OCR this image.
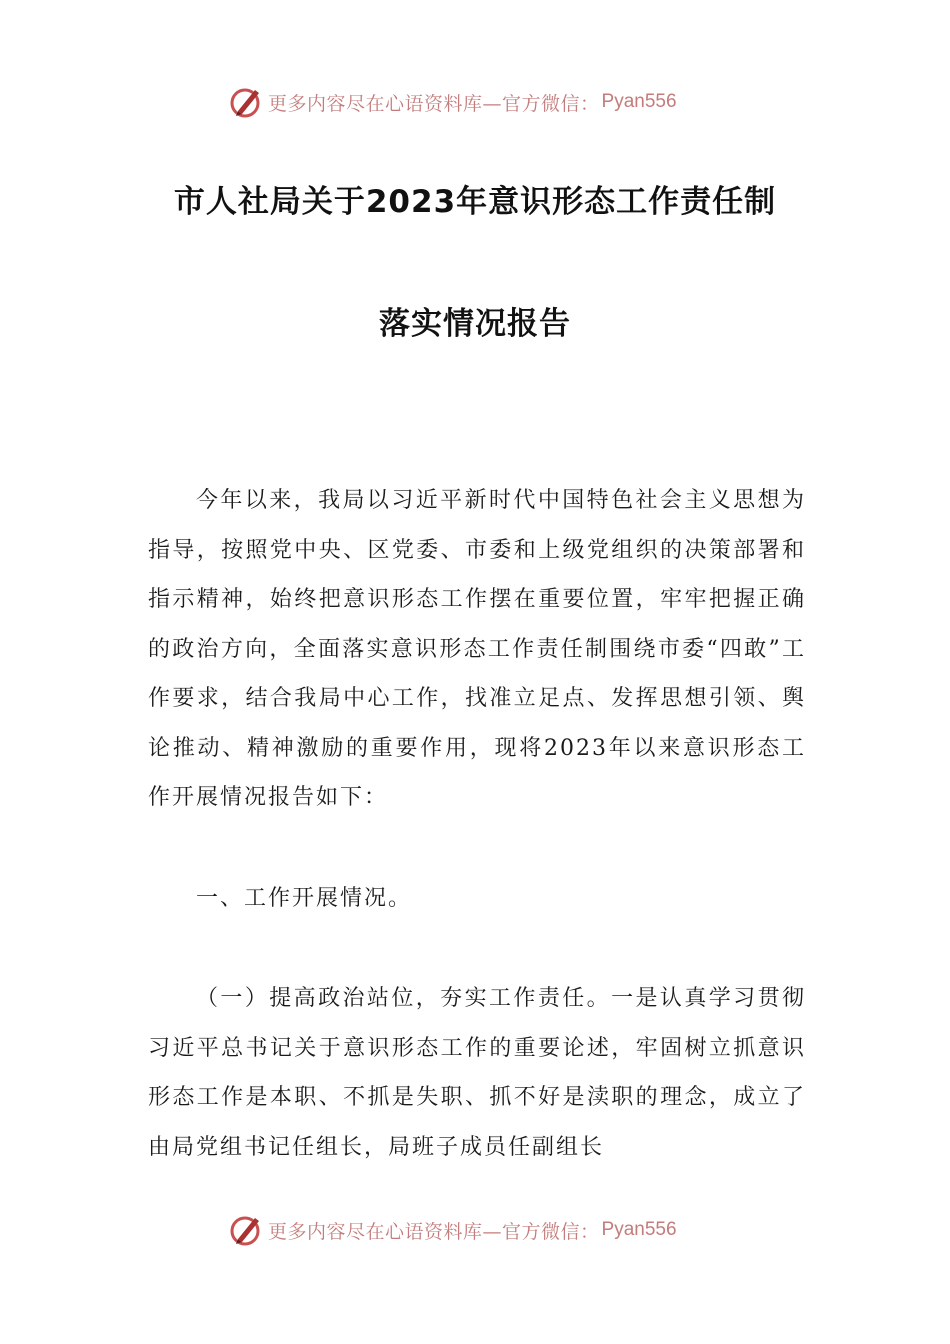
更多内容尽在心语资料库—官方微信： Pyan556
市人社局关于2023年意识形态工作责任制
落实情况报告

今年以来，我局以习近平新时代中国特色社会主义思想为指导，按照党中央、区党委、市委和上级党组织的决策部署和指示精神，始终把意识形态工作摆在重要位置，牢牢把握正确的政治方向，全面落实意识形态工作责任制围绕市委“四敢”工作要求，结合我局中心工作，找准立足点、发挥思想引领、舆论推动、精神激励的重要作用，现将2023年以来意识形态工作开展情况报告如下：

一、工作开展情况。

（一）提高政治站位，夯实工作责任。一是认真学习贯彻习近平总书记关于意识形态工作的重要论述，牢固树立抓意识形态工作是本职、不抓是失职、抓不好是渎职的理念，成立了由局党组书记任组长，局班子成员任副组长

更多内容尽在心语资料库—官方微信： Pyan556
